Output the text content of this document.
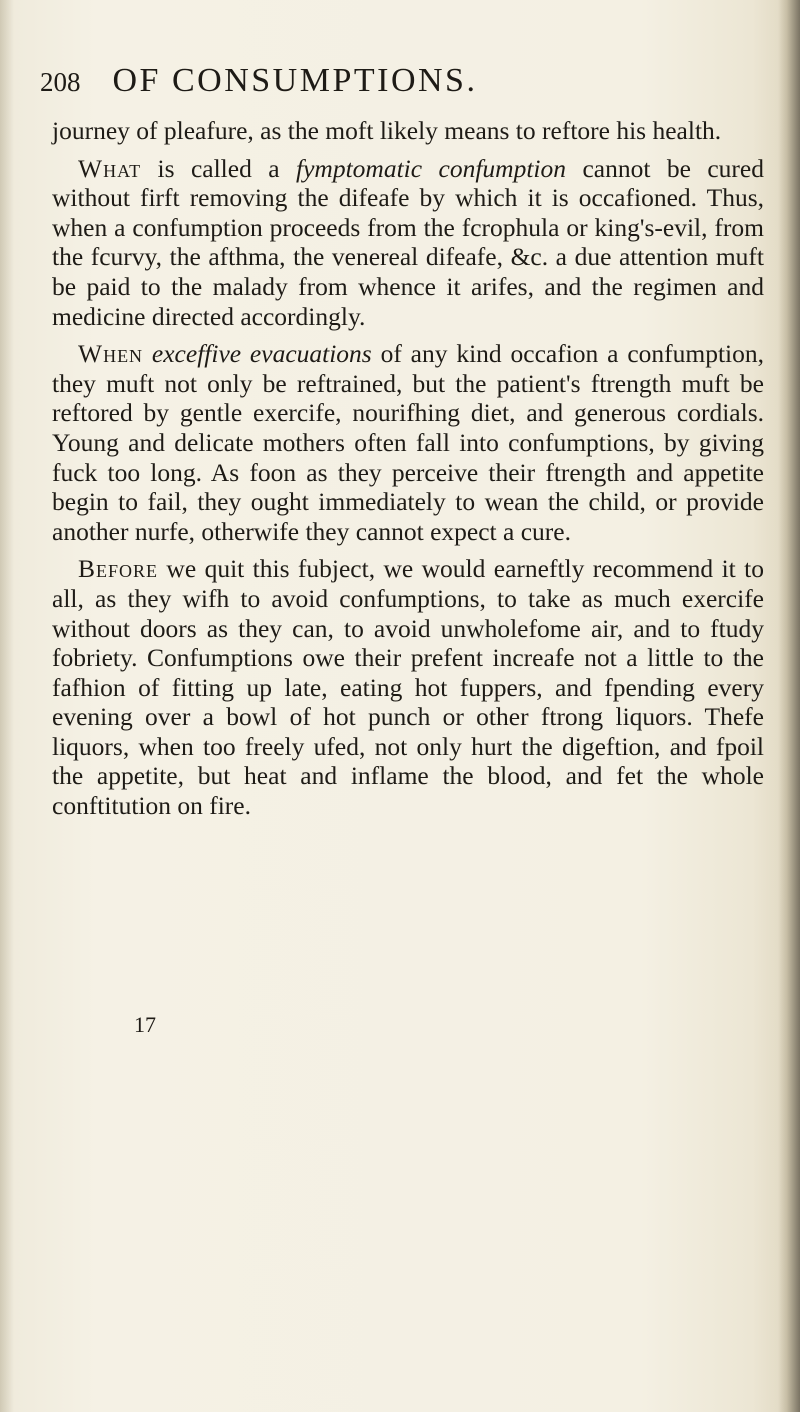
208 OF CONSUMPTIONS.

journey of pleafure, as the moft likely means to reftore his health.

What is called a fymptomatic confumption cannot be cured without firft removing the difeafe by which it is occafioned. Thus, when a confumption proceeds from the fcrophula or king's-evil, from the fcurvy, the afthma, the venereal difeafe, &c. a due attention muft be paid to the malady from whence it arifes, and the regimen and medicine directed accordingly.

When exceffive evacuations of any kind occafion a confumption, they muft not only be reftrained, but the patient's ftrength muft be reftored by gentle exercife, nourifhing diet, and generous cordials. Young and delicate mothers often fall into confumptions, by giving fuck too long. As foon as they perceive their ftrength and appetite begin to fail, they ought immediately to wean the child, or provide another nurfe, otherwife they cannot expect a cure.

Before we quit this fubject, we would earneftly recommend it to all, as they wifh to avoid confumptions, to take as much exercife without doors as they can, to avoid unwholefome air, and to ftudy fobriety. Confumptions owe their prefent increafe not a little to the fafhion of fitting up late, eating hot fuppers, and fpending every evening over a bowl of hot punch or other ftrong liquors. Thefe liquors, when too freely ufed, not only hurt the digeftion, and fpoil the appetite, but heat and inflame the blood, and fet the whole conftitution on fire.

17
